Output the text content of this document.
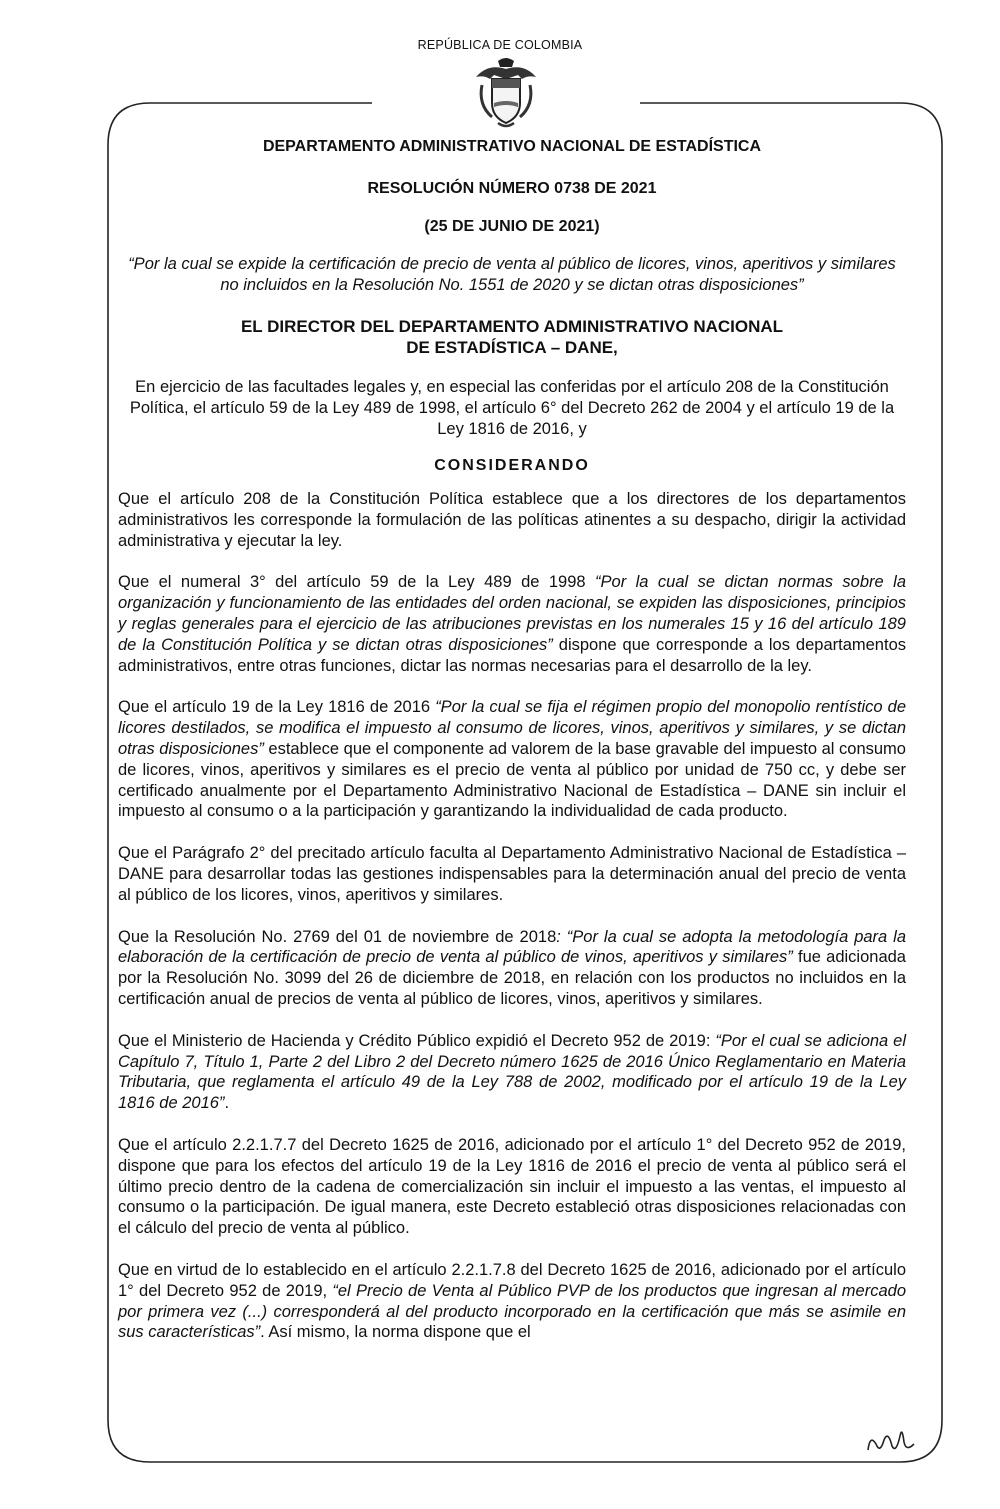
REPÚBLICA DE COLOMBIA
DEPARTAMENTO ADMINISTRATIVO NACIONAL DE ESTADÍSTICA
RESOLUCIÓN NÚMERO 0738 DE 2021
(25 DE JUNIO DE 2021)
“Por la cual se expide la certificación de precio de venta al público de licores, vinos, aperitivos y similares no incluidos en la Resolución No. 1551 de 2020 y se dictan otras disposiciones”
EL DIRECTOR DEL DEPARTAMENTO ADMINISTRATIVO NACIONAL
DE ESTADÍSTICA – DANE,
En ejercicio de las facultades legales y, en especial las conferidas por el artículo 208 de la Constitución Política, el artículo 59 de la Ley 489 de 1998, el artículo 6° del Decreto 262 de 2004 y el artículo 19 de la Ley 1816 de 2016, y
CONSIDERANDO

Que el artículo 208 de la Constitución Política establece que a los directores de los departamentos administrativos les corresponde la formulación de las políticas atinentes a su despacho, dirigir la actividad administrativa y ejecutar la ley.

Que el numeral 3° del artículo 59 de la Ley 489 de 1998 “Por la cual se dictan normas sobre la organización y funcionamiento de las entidades del orden nacional, se expiden las disposiciones, principios y reglas generales para el ejercicio de las atribuciones previstas en los numerales 15 y 16 del artículo 189 de la Constitución Política y se dictan otras disposiciones” dispone que corresponde a los departamentos administrativos, entre otras funciones, dictar las normas necesarias para el desarrollo de la ley.

Que el artículo 19 de la Ley 1816 de 2016 “Por la cual se fija el régimen propio del monopolio rentístico de licores destilados, se modifica el impuesto al consumo de licores, vinos, aperitivos y similares, y se dictan otras disposiciones” establece que el componente ad valorem de la base gravable del impuesto al consumo de licores, vinos, aperitivos y similares es el precio de venta al público por unidad de 750 cc, y debe ser certificado anualmente por el Departamento Administrativo Nacional de Estadística – DANE sin incluir el impuesto al consumo o a la participación y garantizando la individualidad de cada producto.

Que el Parágrafo 2° del precitado artículo faculta al Departamento Administrativo Nacional de Estadística – DANE para desarrollar todas las gestiones indispensables para la determinación anual del precio de venta al público de los licores, vinos, aperitivos y similares.

Que la Resolución No. 2769 del 01 de noviembre de 2018: “Por la cual se adopta la metodología para la elaboración de la certificación de precio de venta al público de vinos, aperitivos y similares” fue adicionada por la Resolución No. 3099 del 26 de diciembre de 2018, en relación con los productos no incluidos en la certificación anual de precios de venta al público de licores, vinos, aperitivos y similares.

Que el Ministerio de Hacienda y Crédito Público expidió el Decreto 952 de 2019: “Por el cual se adiciona el Capítulo 7, Título 1, Parte 2 del Libro 2 del Decreto número 1625 de 2016 Único Reglamentario en Materia Tributaria, que reglamenta el artículo 49 de la Ley 788 de 2002, modificado por el artículo 19 de la Ley 1816 de 2016”.

Que el artículo 2.2.1.7.7 del Decreto 1625 de 2016, adicionado por el artículo 1° del Decreto 952 de 2019, dispone que para los efectos del artículo 19 de la Ley 1816 de 2016 el precio de venta al público será el último precio dentro de la cadena de comercialización sin incluir el impuesto a las ventas, el impuesto al consumo o la participación. De igual manera, este Decreto estableció otras disposiciones relacionadas con el cálculo del precio de venta al público.

Que en virtud de lo establecido en el artículo 2.2.1.7.8 del Decreto 1625 de 2016, adicionado por el artículo 1° del Decreto 952 de 2019, “el Precio de Venta al Público PVP de los productos que ingresan al mercado por primera vez (...) corresponderá al del producto incorporado en la certificación que más se asimile en sus características”. Así mismo, la norma dispone que el
